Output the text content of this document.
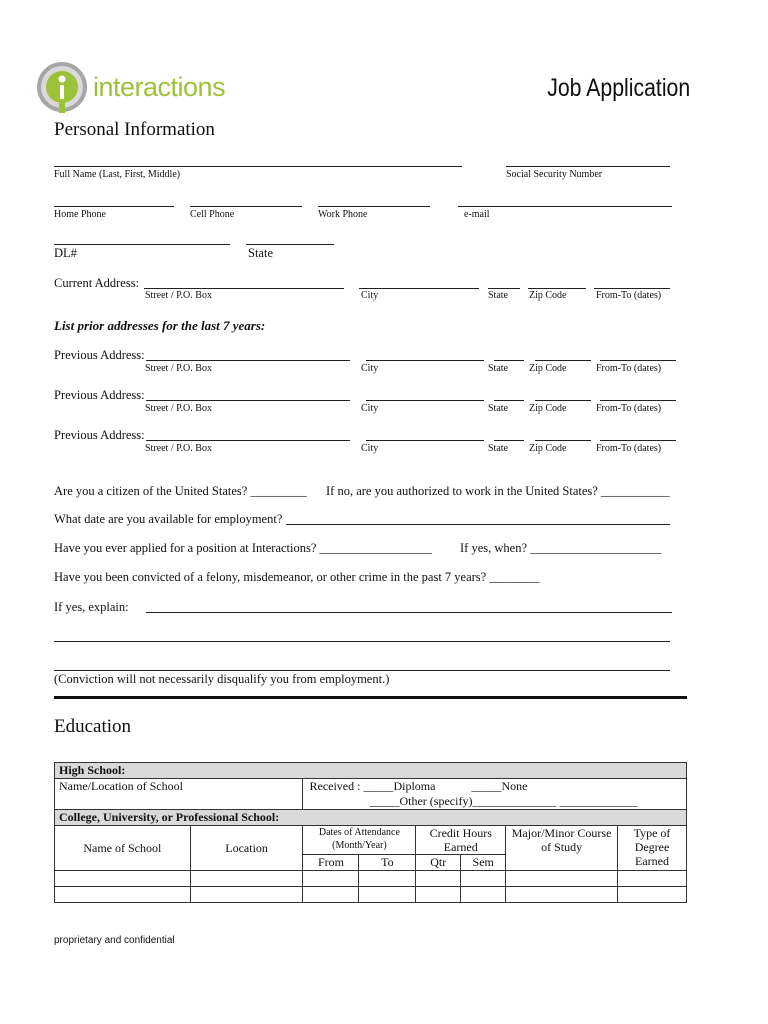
interactions	Job Application
Personal Information
Full Name (Last, First, Middle)	Social Security Number
Home Phone	Cell Phone	Work Phone	e-mail
DL#	State
Current Address:
Street / P.O. Box	City	State Zip Code	From-To (dates)
List prior addresses for the last 7 years:
Previous Address:
Street / P.O. Box	City	State Zip Code	From-To (dates)
Previous Address:
Street / P.O. Box	City	State Zip Code	From-To (dates)
Previous Address:
Street / P.O. Box	City	State Zip Code	From-To (dates)
Are you a citizen of the United States? _________ If no, are you authorized to work in the United States? ___________
What date are you available for employment?
Have you ever applied for a position at Interactions? __________________ If yes, when? _____________________
Have you been convicted of a felony, misdemeanor, or other crime in the past 7 years? ________
If yes, explain:
(Conviction will not necessarily disqualify you from employment.)
Education
High School:							
Name/Location of School		Received : _____Diploma _____None
_____Other (specify)______________ _____________					

College, University, or Professional School:							
Name of School	Location	Dates of Attendance (Month/Year)		Credit Hours Earned		Major/Minor Course of Study	Type of Degree Earned
		From	To	Qtr	Sem		

proprietary and confidential
